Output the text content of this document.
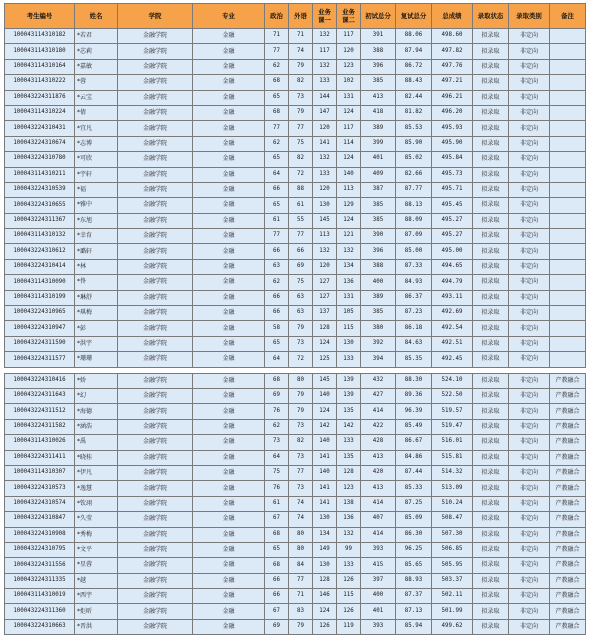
考生编号	姓名	学院	专业	政治	外语	业务课一	业务课二	初试总分	复试总分	总成绩	录取状态	录取类别	备注
100043114310182	*若君	金融学院	金融	71	71	132	117	391	88.06	498.60	拟录取	非定向	
100043114310180	*芯莉	金融学院	金融	77	74	117	120	388	87.94	497.82	拟录取	非定向	
100043114310164	*嘉敏	金融学院	金融	62	79	132	123	396	86.72	497.76	拟录取	非定向	
100043114310222	*蓉	金融学院	金融	68	82	133	102	385	88.43	497.21	拟录取	非定向	
100043224311876	*云宝	金融学院	金融	65	73	144	131	413	82.44	496.21	拟录取	非定向	
100043114310224	*倩	金融学院	金融	68	79	147	124	418	81.82	496.20	拟录取	非定向	
100043224310431	*宜凡	金融学院	金融	77	77	120	117	389	85.53	495.93	拟录取	非定向	
100043224310674	*志博	金融学院	金融	62	75	141	114	399	85.90	495.90	拟录取	非定向	
100043224310780	*可欣	金融学院	金融	65	82	132	124	401	85.02	495.84	拟录取	非定向	
100043114310211	*宇轩	金融学院	金融	64	72	133	140	409	82.66	495.73	拟录取	非定向	
100043224310539	*福	金融学院	金融	66	88	120	113	387	87.77	495.71	拟录取	非定向	
100043224310655	*雅中	金融学院	金融	65	61	130	129	385	88.13	495.45	拟录取	非定向	
100043224311367	*东旭	金融学院	金融	61	55	145	124	385	88.09	495.27	拟录取	非定向	
100043114310132	*幸育	金融学院	金融	77	77	113	121	390	87.09	495.27	拟录取	非定向	
100043224310612	*璐轩	金融学院	金融	66	66	132	132	396	85.00	495.00	拟录取	非定向	
100043224310414	*林	金融学院	金融	63	69	120	134	388	87.33	494.65	拟录取	非定向	
100043114310090	*佟	金融学院	金融	62	75	127	136	400	84.93	494.79	拟录取	非定向	
100043114310199	*琳舒	金融学院	金融	66	63	127	131	389	86.37	493.11	拟录取	非定向	
100043224310965	*琪梅	金融学院	金融	66	63	137	105	385	87.23	492.69	拟录取	非定向	
100043224310947	*彭	金融学院	金融	58	79	128	115	380	86.18	492.54	拟录取	非定向	
100043224311590	*洪宇	金融学院	金融	65	73	124	130	392	84.63	492.51	拟录取	非定向	
100043224311577	*珊珊	金融学院	金融	64	72	125	133	394	85.35	492.45	拟录取	非定向	

100043224310416	*娇	金融学院	金融	68	80	145	139	432	88.30	524.10	拟录取	非定向	产教融合
100043224311643	*幻	金融学院	金融	69	79	140	139	427	89.36	522.50	拟录取	非定向	产教融合
100043224311512	*海德	金融学院	金融	76	79	124	135	414	96.39	519.57	拟录取	非定向	产教融合
100043224311582	*涵浩	金融学院	金融	62	73	142	142	422	85.49	519.47	拟录取	非定向	产教融合
100043114310026	*禹	金融学院	金融	73	82	140	133	428	86.67	516.01	拟录取	非定向	产教融合
100043224311411	*晓桂	金融学院	金融	64	73	141	135	413	84.86	515.81	拟录取	非定向	产教融合
100043114310307	*伊凡	金融学院	金融	75	77	140	128	420	87.44	514.32	拟录取	非定向	产教融合
100043224310573	*逸慧	金融学院	金融	76	73	141	123	413	85.33	513.09	拟录取	非定向	产教融合
100043224310574	*钦翊	金融学院	金融	61	74	141	138	414	87.25	510.24	拟录取	非定向	产教融合
100043224310847	*久莹	金融学院	金融	67	74	130	136	407	85.09	508.47	拟录取	非定向	产教融合
100043224310908	*秀梅	金融学院	金融	68	80	134	132	414	86.30	507.30	拟录取	非定向	产教融合
100043224310795	*文平	金融学院	金融	65	80	149	99	393	96.25	506.85	拟录取	非定向	产教融合
100043224311556	*星蓉	金融学院	金融	68	84	130	133	415	85.65	505.95	拟录取	非定向	产教融合
100043224311335	*越	金融学院	金融	66	77	128	126	397	88.93	503.37	拟录取	非定向	产教融合
100043114310019	*西宇	金融学院	金融	66	71	146	115	400	87.37	502.11	拟录取	非定向	产教融合
100043224311360	*炬昕	金融学院	金融	67	83	124	126	401	87.13	501.99	拟录取	非定向	产教融合
100043224310663	*晋洪	金融学院	金融	69	79	126	119	393	85.94	499.62	拟录取	非定向	产教融合
